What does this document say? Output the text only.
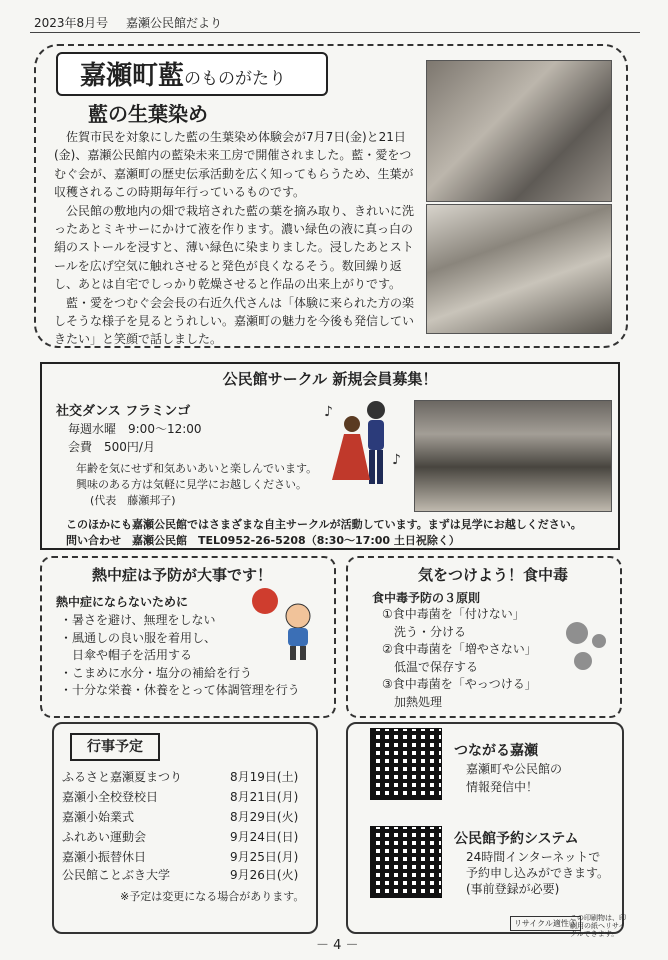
2023年8月号 嘉瀬公民館だより
嘉瀬町藍のものがたり
藍の生葉染め

佐賀市民を対象にした藍の生葉染め体験会が7月7日(金)と21日(金)、嘉瀬公民館内の藍染未来工房で開催されました。藍・愛をつむぐ会が、嘉瀬町の歴史伝承活動を広く知ってもらうため、生葉が収穫されるこの時期毎年行っているものです。

公民館の敷地内の畑で栽培された藍の葉を摘み取り、きれいに洗ったあとミキサーにかけて液を作ります。濃い緑色の液に真っ白の絹のストールを浸すと、薄い緑色に染まりました。浸したあとストールを広げ空気に触れさせると発色が良くなるそう。数回繰り返し、あとは自宅でしっかり乾燥させると作品の出来上がりです。

藍・愛をつむぐ会会長の右近久代さんは「体験に来られた方の楽しそうな様子を見るとうれしい。嘉瀬町の魅力を今後も発信していきたい」と笑顔で話しました。

公民館サークル 新規会員募集！
社交ダンス フラミンゴ
毎週水曜　9:00～12:00
会費　500円/月
年齢を気にせず和気あいあいと楽しんでいます。
興味のある方は気軽に見学にお越しください。
(代表　藤瀬邦子)
♪
♪
このほかにも嘉瀬公民館ではさまざまな自主サークルが活動しています。まずは見学にお越しください。
問い合わせ　嘉瀬公民館　TEL0952-26-5208（8:30～17:00 土日祝除く）
熱中症は予防が大事です！
熱中症にならないために
・暑さを避け、無理をしない
・風通しの良い服を着用し、
　日傘や帽子を活用する
・こまめに水分・塩分の補給を行う
・十分な栄養・休養をとって体調管理を行う
気をつけよう！食中毒
食中毒予防の３原則
①食中毒菌を「付けない」
　洗う・分ける
②食中毒菌を「増やさない」
　低温で保存する
③食中毒菌を「やっつける」
　加熱処理
行事予定
ふるさと嘉瀬夏まつり	8月19日(土)
嘉瀬小全校登校日	8月21日(月)
嘉瀬小始業式	8月29日(火)
ふれあい運動会	9月24日(日)
嘉瀬小振替休日	9月25日(月)
公民館ことぶき大学	9月26日(火)
※予定は変更になる場合があります。
つながる嘉瀬
嘉瀬町や公民館の
情報発信中！
公民館予約システム
24時間インターネットで
予約申し込みができます。
(事前登録が必要)
リサイクル適性Ⓐ
この印刷物は、印刷用の紙へリサイクルできます。
－ 4 －
